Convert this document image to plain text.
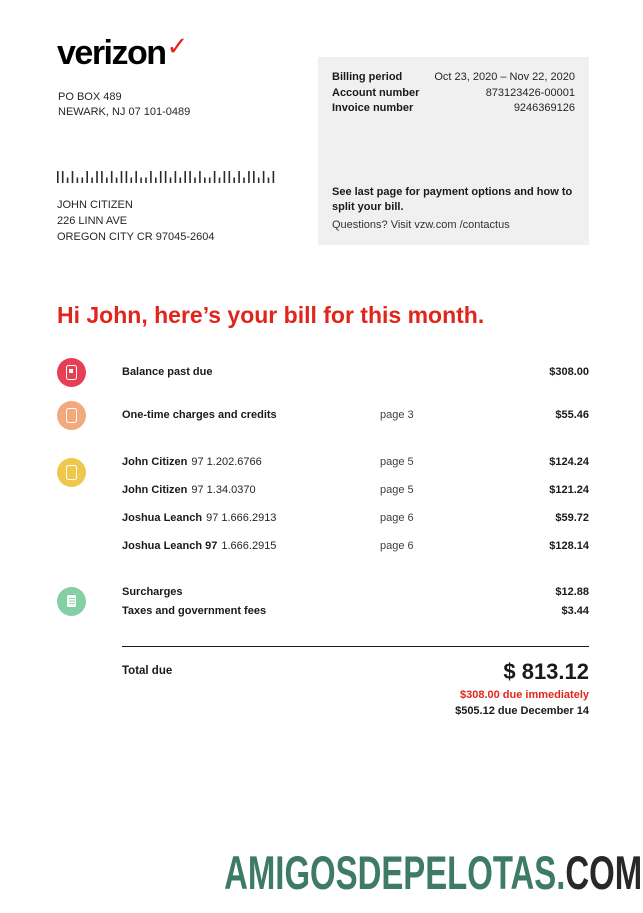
verizon✓
PO BOX 489
NEWARK, NJ 07 101-0489
Billing period	Oct 23, 2020 – Nov 22, 2020
Account number	873123426-00001
Invoice number	9246369126
See last page for payment options and how to split your bill.
Questions? Visit vzw.com /contactus
JOHN CITIZEN
226 LINN AVE
OREGON CITY CR 97045-2604
Hi John, here’s your bill for this month.
Balance past due	$308.00
One-time charges and credits	page 3	$55.46
John Citizen 97 1.202.6766	page 5	$124.24
John Citizen 97 1.34.0370	page 5	$121.24
Joshua Leanch 97 1.666.2913	page 6	$59.72
Joshua Leanch 97 1.666.2915	page 6	$128.14
Surcharges	$12.88
Taxes and government fees	$3.44
Total due	$ 813.12
$308.00 due immediately
$505.12 due December 14
AMIGOSDEPELOTAS.COM
